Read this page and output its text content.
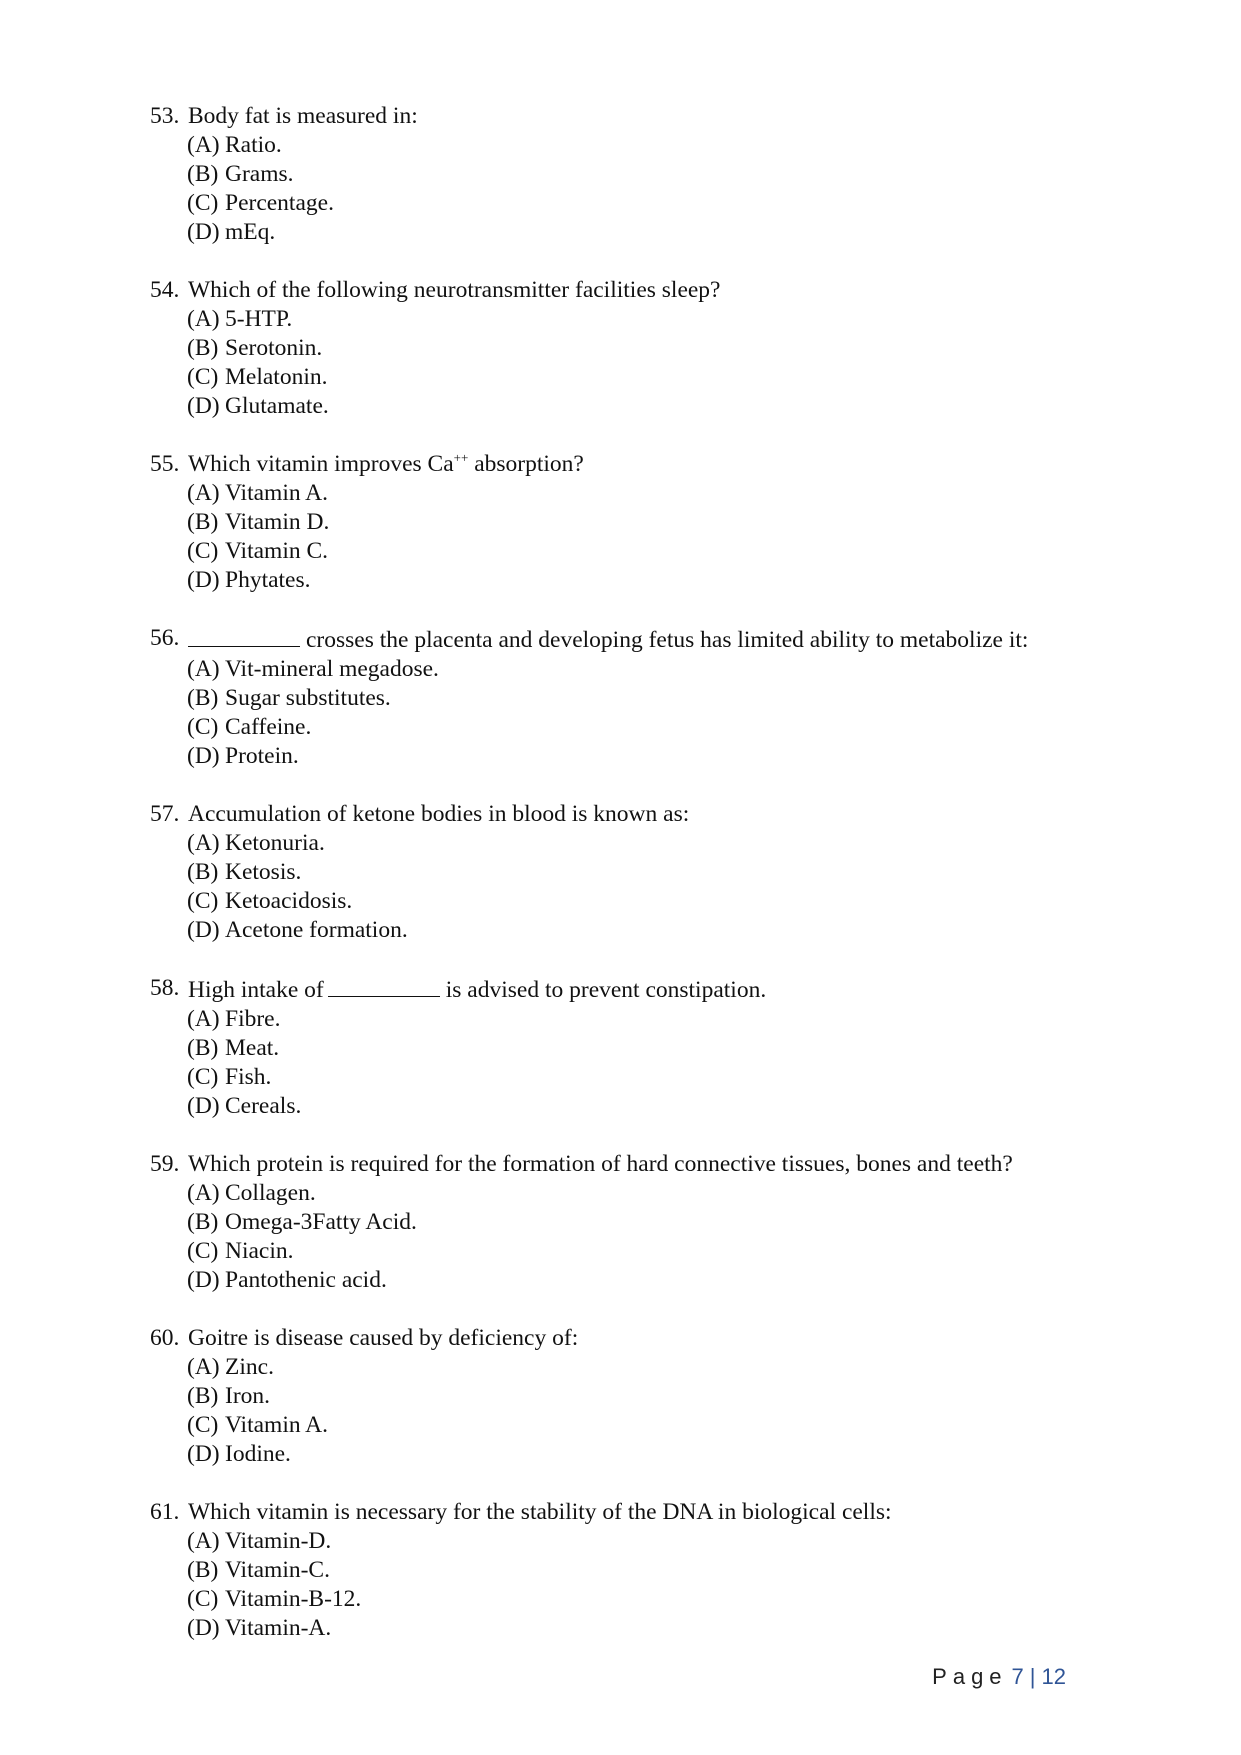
53. Body fat is measured in:
(A) Ratio.
(B) Grams.
(C) Percentage.
(D) mEq.
54. Which of the following neurotransmitter facilities sleep?
(A) 5-HTP.
(B) Serotonin.
(C) Melatonin.
(D) Glutamate.
55. Which vitamin improves Ca++ absorption?
(A) Vitamin A.
(B) Vitamin D.
(C) Vitamin C.
(D) Phytates.
56.	crosses the placenta and developing fetus has limited ability to metabolize it:
(A) Vit-mineral megadose.
(B) Sugar substitutes.
(C) Caffeine.
(D) Protein.
57. Accumulation of ketone bodies in blood is known as:
(A) Ketonuria.
(B) Ketosis.
(C) Ketoacidosis.
(D) Acetone formation.
58. High intake of	is advised to prevent constipation.
(A) Fibre.
(B) Meat.
(C) Fish.
(D) Cereals.
59. Which protein is required for the formation of hard connective tissues, bones and teeth?
(A) Collagen.
(B) Omega-3Fatty Acid.
(C) Niacin.
(D) Pantothenic acid.
60. Goitre is disease caused by deficiency of:
(A) Zinc.
(B) Iron.
(C) Vitamin A.
(D) Iodine.
61. Which vitamin is necessary for the stability of the DNA in biological cells:
(A) Vitamin-D.
(B) Vitamin-C.
(C) Vitamin-B-12.
(D) Vitamin-A.
Page 7 | 12
